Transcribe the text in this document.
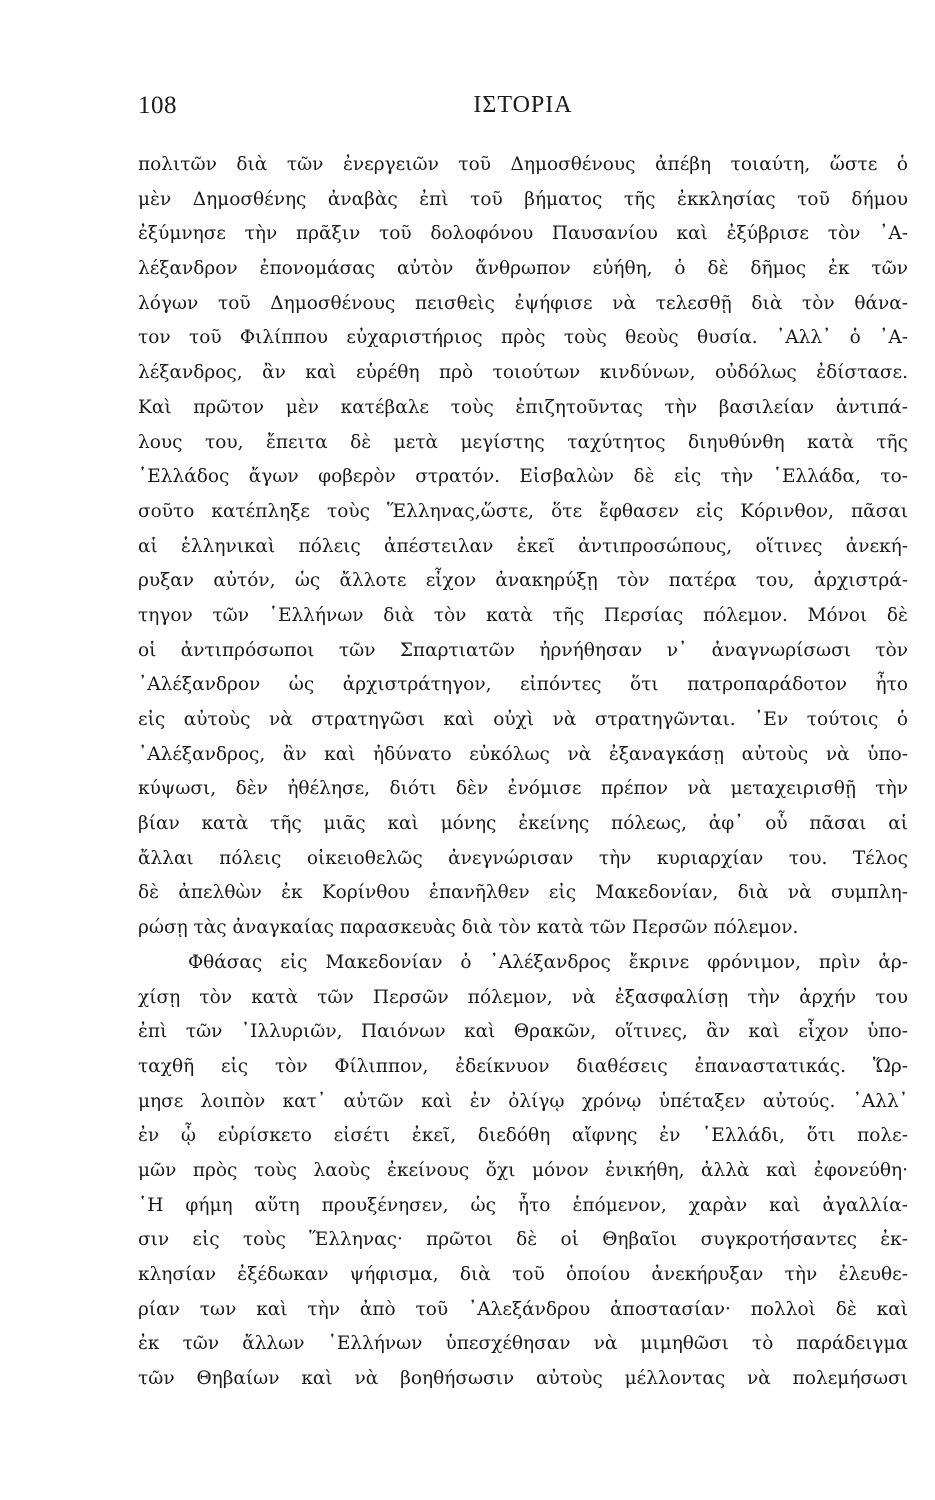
108	ΙΣΤΟΡΙΑ
πολιτῶν διὰ τῶν ἐνεργειῶν τοῦ Δημοσθένους ἀπέβη τοιαύτη, ὥστε ὁ
μὲν Δημοσθένης ἀναβὰς ἐπὶ τοῦ βήματος τῆς ἐκκλησίας τοῦ δήμου
ἐξύμνησε τὴν πρᾶξιν τοῦ δολοφόνου Παυσανίου καὶ ἐξύβρισε τὸν ᾿Α-
λέξανδρον ἐπονομάσας αὐτὸν ἄνθρωπον εὐήθη, ὁ δὲ δῆμος ἐκ τῶν
λόγων τοῦ Δημοσθένους πεισθεὶς ἐψήφισε νὰ τελεσθῇ διὰ τὸν θάνα-
τον τοῦ Φιλίππου εὐχαριστήριος πρὸς τοὺς θεοὺς θυσία. ᾿Αλλ᾿ ὁ ᾿Α-
λέξανδρος, ἂν καὶ εὑρέθη πρὸ τοιούτων κινδύνων, οὐδόλως ἐδίστασε.
Καὶ πρῶτον μὲν κατέβαλε τοὺς ἐπιζητοῦντας τὴν βασιλείαν ἀντιπά-
λους του, ἔπειτα δὲ μετὰ μεγίστης ταχύτητος διηυθύνθη κατὰ τῆς
῾Ελλάδος ἄγων φοβερὸν στρατόν. Εἰσβαλὼν δὲ εἰς τὴν ῾Ελλάδα, το-
σοῦτο κατέπληξε τοὺς Ἕλληνας,ὥστε, ὅτε ἔφθασεν εἰς Κόρινθον, πᾶσαι
αἱ ἑλληνικαὶ πόλεις ἀπέστειλαν ἐκεῖ ἀντιπροσώπους, οἵτινες ἀνεκή-
ρυξαν αὐτόν, ὡς ἄλλοτε εἶχον ἀνακηρύξῃ τὸν πατέρα του, ἀρχιστρά-
τηγον τῶν ῾Ελλήνων διὰ τὸν κατὰ τῆς Περσίας πόλεμον. Μόνοι δὲ
οἱ ἀντιπρόσωποι τῶν Σπαρτιατῶν ἠρνήθησαν ν᾿ ἀναγνωρίσωσι τὸν
᾿Αλέξανδρον ὡς ἀρχιστράτηγον, εἰπόντες ὅτι πατροπαράδοτον ἦτο
εἰς αὐτοὺς νὰ στρατηγῶσι καὶ οὐχὶ νὰ στρατηγῶνται. ᾿Εν τούτοις ὁ
᾿Αλέξανδρος, ἂν καὶ ἠδύνατο εὐκόλως νὰ ἐξαναγκάσῃ αὐτοὺς νὰ ὑπο-
κύψωσι, δὲν ἠθέλησε, διότι δὲν ἐνόμισε πρέπον νὰ μεταχειρισθῇ τὴν
βίαν κατὰ τῆς μιᾶς καὶ μόνης ἐκείνης πόλεως, ἀφ᾿ οὗ πᾶσαι αἱ
ἄλλαι πόλεις οἰκειοθελῶς ἀνεγνώρισαν τὴν κυριαρχίαν του. Τέλος
δὲ ἀπελθὼν ἐκ Κορίνθου ἐπανῆλθεν εἰς Μακεδονίαν, διὰ νὰ συμπλη-
ρώσῃ τὰς ἀναγκαίας παρασκευὰς διὰ τὸν κατὰ τῶν Περσῶν πόλεμον.
Φθάσας εἰς Μακεδονίαν ὁ ᾿Αλέξανδρος ἔκρινε φρόνιμον, πρὶν ἀρ-
χίσῃ τὸν κατὰ τῶν Περσῶν πόλεμον, νὰ ἐξασφαλίσῃ τὴν ἀρχήν του
ἐπὶ τῶν ᾿Ιλλυριῶν, Παιόνων καὶ Θρακῶν, οἵτινες, ἂν καὶ εἶχον ὑπο-
ταχθῆ εἰς τὸν Φίλιππον, ἐδείκνυον διαθέσεις ἐπαναστατικάς. Ὥρ-
μησε λοιπὸν κατ᾿ αὐτῶν καὶ ἐν ὀλίγῳ χρόνῳ ὑπέταξεν αὐτούς. ᾿Αλλ᾿
ἐν ᾧ εὑρίσκετο εἰσέτι ἐκεῖ, διεδόθη αἴφνης ἐν ῾Ελλάδι, ὅτι πολε-
μῶν πρὸς τοὺς λαοὺς ἐκείνους ὄχι μόνον ἐνικήθη, ἀλλὰ καὶ ἐφονεύθη·
῾Η φήμη αὕτη προυξένησεν, ὡς ἦτο ἑπόμενον, χαρὰν καὶ ἀγαλλία-
σιν εἰς τοὺς Ἕλληνας· πρῶτοι δὲ οἱ Θηβαῖοι συγκροτήσαντες ἐκ-
κλησίαν ἐξέδωκαν ψήφισμα, διὰ τοῦ ὁποίου ἀνεκήρυξαν τὴν ἐλευθε-
ρίαν των καὶ τὴν ἀπὸ τοῦ ᾿Αλεξάνδρου ἀποστασίαν· πολλοὶ δὲ καὶ
ἐκ τῶν ἄλλων ῾Ελλήνων ὑπεσχέθησαν νὰ μιμηθῶσι τὸ παράδειγμα
τῶν Θηβαίων καὶ νὰ βοηθήσωσιν αὐτοὺς μέλλοντας νὰ πολεμήσωσι
